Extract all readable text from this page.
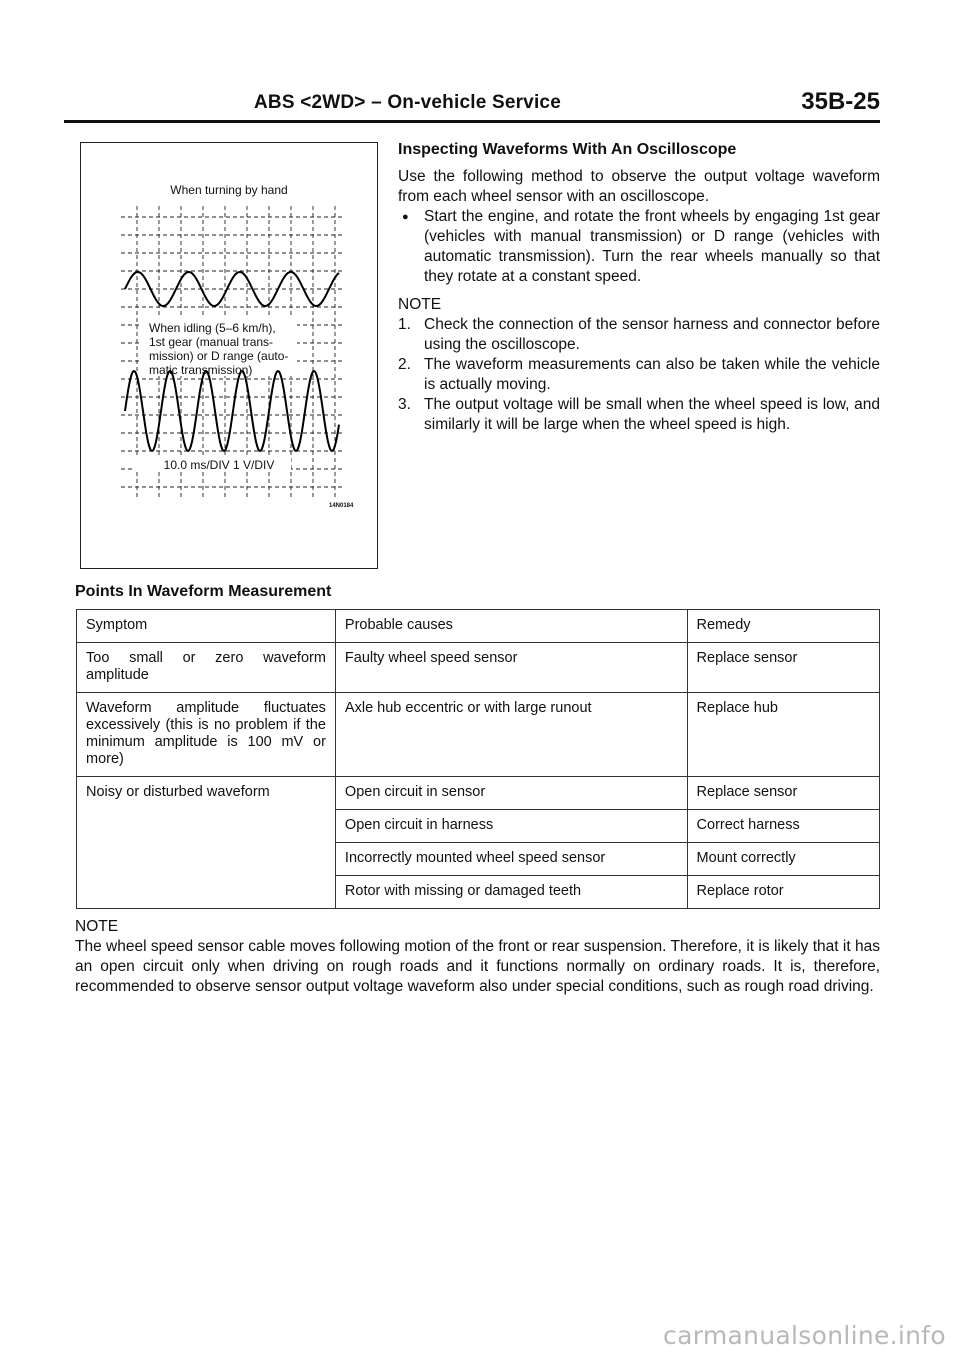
ABS <2WD> – On-vehicle Service	35B-25
When turning by hand
When idling (5–6 km/h), 1st gear (manual trans- mission) or D range (auto- matic transmission)
10.0 ms/DIV 1 V/DIV
14N0184
Inspecting Waveforms With An Oscilloscope

Use the following method to observe the output voltage waveform from each wheel sensor with an oscilloscope.

● Start the engine, and rotate the front wheels by engaging 1st gear (vehicles with manual transmission) or D range (vehicles with automatic transmission). Turn the rear wheels manually so that they rotate at a constant speed.
NOTE
1. Check the connection of the sensor harness and connector before using the oscilloscope.
2. The waveform measurements can also be taken while the vehicle is actually moving.
3. The output voltage will be small when the wheel speed is low, and similarly it will be large when the wheel speed is high.
Points In Waveform Measurement
Symptom	Probable causes	Remedy
Too small or zero waveform amplitude	Faulty wheel speed sensor	Replace sensor
Waveform amplitude fluctuates excessively (this is no problem if the minimum amplitude is 100 mV or more)	Axle hub eccentric or with large runout	Replace hub
Noisy or disturbed waveform	Open circuit in sensor	Replace sensor
	Open circuit in harness	Correct harness
	Incorrectly mounted wheel speed sensor	Mount correctly
	Rotor with missing or damaged teeth	Replace rotor
NOTE

The wheel speed sensor cable moves following motion of the front or rear suspension. Therefore, it is likely that it has an open circuit only when driving on rough roads and it functions normally on ordinary roads. It is, therefore, recommended to observe sensor output voltage waveform also under special conditions, such as rough road driving.

carmanualsonline.info
